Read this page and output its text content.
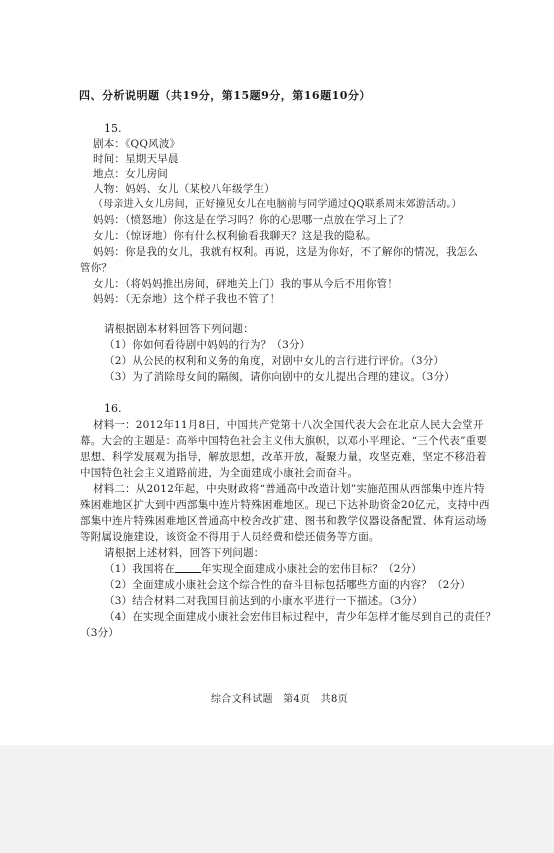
四、分析说明题（共19分，第15题9分，第16题10分）
15.
剧本：《QQ风波》
时间：星期天早晨
地点：女儿房间
人物：妈妈、女儿（某校八年级学生）
（母亲进入女儿房间，正好撞见女儿在电脑前与同学通过QQ联系周末郊游活动。）
妈妈：（愤怒地）你这是在学习吗？你的心思哪一点放在学习上了？
女儿：（惊讶地）你有什么权利偷看我聊天？这是我的隐私。
妈妈：你是我的女儿，我就有权利。再说，这是为你好，不了解你的情况，我怎么
管你？
女儿：（将妈妈推出房间，砰地关上门）我的事从今后不用你管！
妈妈：（无奈地）这个样子我也不管了！
请根据剧本材料回答下列问题：
（1）你如何看待剧中妈妈的行为？（3分）
（2）从公民的权利和义务的角度，对剧中女儿的言行进行评价。（3分）
（3）为了消除母女间的隔阂，请你向剧中的女儿提出合理的建议。（3分）
16.
材料一：2012年11月8日，中国共产党第十八次全国代表大会在北京人民大会堂开
幕。大会的主题是：高举中国特色社会主义伟大旗帜，以邓小平理论、“三个代表”重要
思想、科学发展观为指导，解放思想，改革开放，凝聚力量，攻坚克难，坚定不移沿着
中国特色社会主义道路前进，为全面建成小康社会而奋斗。
材料二：从2012年起，中央财政将“普通高中改造计划”实施范围从西部集中连片特
殊困难地区扩大到中西部集中连片特殊困难地区。现已下达补助资金20亿元，支持中西
部集中连片特殊困难地区普通高中校舍改扩建、图书和教学仪器设备配置、体育运动场
等附属设施建设，该资金不得用于人员经费和偿还债务等方面。
请根据上述材料，回答下列问题：
（1）我国将在 年实现全面建成小康社会的宏伟目标？（2分）
（2）全面建成小康社会这个综合性的奋斗目标包括哪些方面的内容？（2分）
（3）结合材料二对我国目前达到的小康水平进行一下描述。（3分）
（4）在实现全面建成小康社会宏伟目标过程中，青少年怎样才能尽到自己的责任？
（3分）
综合文科试题　第4页　共8页
